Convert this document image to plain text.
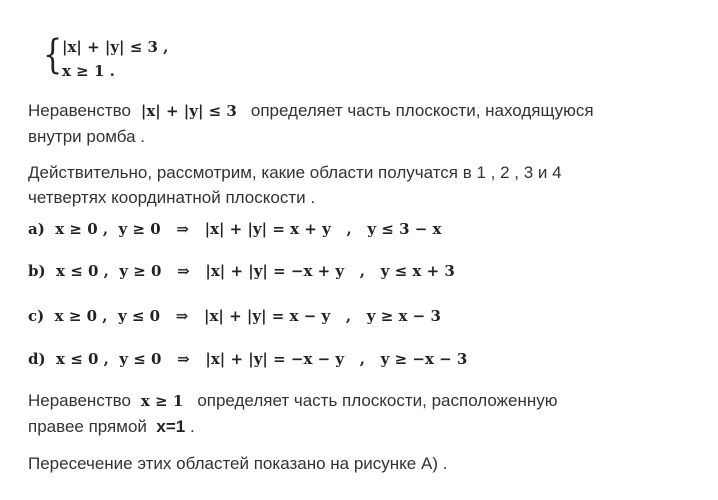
{ |x| + |y| ≤ 3 ,
x ≥ 1 .
Неравенство |x| + |y| ≤ 3 определяет часть плоскости, находящуюся
внутри ромба .
Действительно, рассмотрим, какие области получатся в 1 , 2 , 3 и 4
четвертях координатной плоскости .
a)  x ≥ 0 ,  y ≥ 0   ⇒   |x| + |y| = x + y   ,   y ≤ 3 − x
b)  x ≤ 0 ,  y ≥ 0   ⇒   |x| + |y| = −x + y   ,   y ≤ x + 3
c)  x ≥ 0 ,  y ≤ 0   ⇒   |x| + |y| = x − y   ,   y ≥ x − 3
d)  x ≤ 0 ,  y ≤ 0   ⇒   |x| + |y| = −x − y   ,   y ≥ −x − 3
Неравенство x ≥ 1 определяет часть плоскости, расположенную
правее прямой x=1 .
Пересечение этих областей показано на рисунке А) .
